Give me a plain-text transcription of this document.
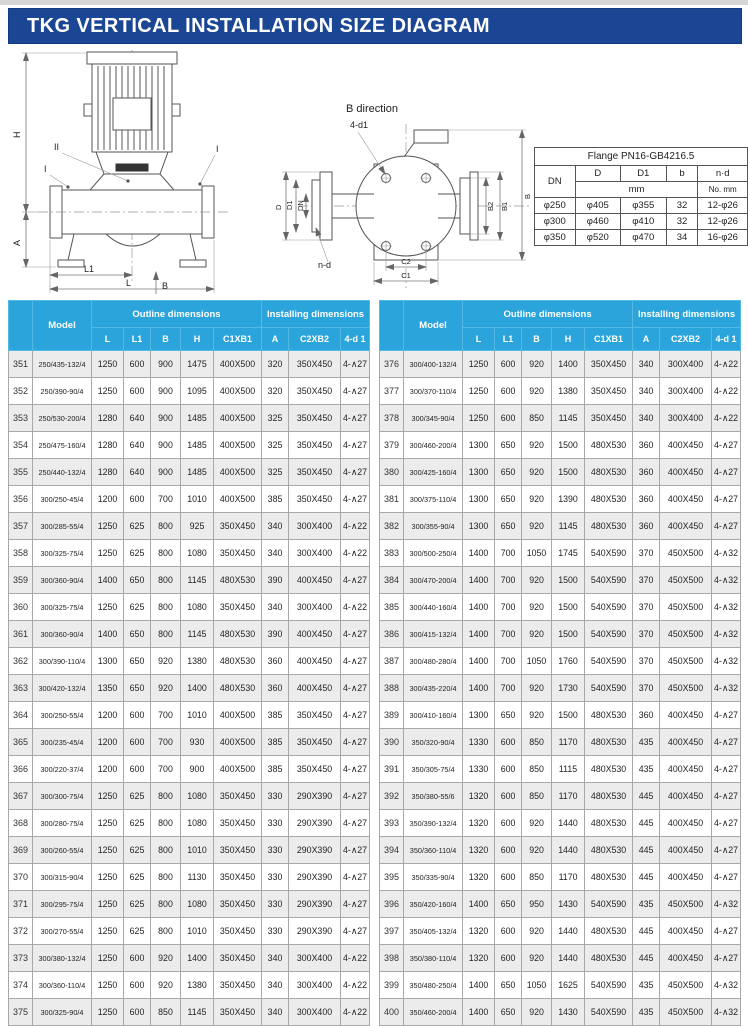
TKG VERTICAL INSTALLATION SIZE DIAGRAM
H
A
L1
L	B
II
I
I
B direction
D D1 DN
4-d1
n-d
B2 B1
B
C2
C1

II : Rp1/4"

Flange PN16-GB4216.5				
DN	D	D1	b	n·d
	mm			No. mm
φ250	φ405	φ355	32	12-φ26
φ300	φ460	φ410	32	12-φ26
φ350	φ520	φ470	34	16-φ26
	Model	Outline dimensions					Installing dimensions		
		L	L1	B	H	C1XB1	A	C2XB2	4-d 1
351	250/435-132/4	1250	600	900	1475	400X500	320	350X450	4-∧27
352	250/390-90/4	1250	600	900	1095	400X500	320	350X450	4-∧27
353	250/530-200/4	1280	640	900	1485	400X500	325	350X450	4-∧27
354	250/475-160/4	1280	640	900	1485	400X500	325	350X450	4-∧27
355	250/440-132/4	1280	640	900	1485	400X500	325	350X450	4-∧27
356	300/250-45/4	1200	600	700	1010	400X500	385	350X450	4-∧27
357	300/285-55/4	1250	625	800	925	350X450	340	300X400	4-∧22
358	300/325-75/4	1250	625	800	1080	350X450	340	300X400	4-∧22
359	300/360-90/4	1400	650	800	1145	480X530	390	400X450	4-∧27
360	300/325-75/4	1250	625	800	1080	350X450	340	300X400	4-∧22
361	300/360-90/4	1400	650	800	1145	480X530	390	400X450	4-∧27
362	300/390-110/4	1300	650	920	1380	480X530	360	400X450	4-∧27
363	300/420-132/4	1350	650	920	1400	480X530	360	400X450	4-∧27
364	300/250-55/4	1200	600	700	1010	400X500	385	350X450	4-∧27
365	300/235-45/4	1200	600	700	930	400X500	385	350X450	4-∧27
366	300/220-37/4	1200	600	700	900	400X500	385	350X450	4-∧27
367	300/300-75/4	1250	625	800	1080	350X450	330	290X390	4-∧27
368	300/280-75/4	1250	625	800	1080	350X450	330	290X390	4-∧27
369	300/260-55/4	1250	625	800	1010	350X450	330	290X390	4-∧27
370	300/315-90/4	1250	625	800	1130	350X450	330	290X390	4-∧27
371	300/295-75/4	1250	625	800	1080	350X450	330	290X390	4-∧27
372	300/270-55/4	1250	625	800	1010	350X450	330	290X390	4-∧27
373	300/380-132/4	1250	600	920	1400	350X450	340	300X400	4-∧22
374	300/360-110/4	1250	600	920	1380	350X450	340	300X400	4-∧22
375	300/325-90/4	1250	600	850	1145	350X450	340	300X400	4-∧22
	Model	Outline dimensions					Installing dimensions		
		L	L1	B	H	C1XB1	A	C2XB2	4-d 1
376	300/400-132/4	1250	600	920	1400	350X450	340	300X400	4-∧22
377	300/370-110/4	1250	600	920	1380	350X450	340	300X400	4-∧22
378	300/345-90/4	1250	600	850	1145	350X450	340	300X400	4-∧22
379	300/460-200/4	1300	650	920	1500	480X530	360	400X450	4-∧27
380	300/425-160/4	1300	650	920	1500	480X530	360	400X450	4-∧27
381	300/375-110/4	1300	650	920	1390	480X530	360	400X450	4-∧27
382	300/355-90/4	1300	650	920	1145	480X530	360	400X450	4-∧27
383	300/500-250/4	1400	700	1050	1745	540X590	370	450X500	4-∧32
384	300/470-200/4	1400	700	920	1500	540X590	370	450X500	4-∧32
385	300/440-160/4	1400	700	920	1500	540X590	370	450X500	4-∧32
386	300/415-132/4	1400	700	920	1500	540X590	370	450X500	4-∧32
387	300/480-280/4	1400	700	1050	1760	540X590	370	450X500	4-∧32
388	300/435-220/4	1400	700	920	1730	540X590	370	450X500	4-∧32
389	300/410-160/4	1300	650	920	1500	480X530	360	400X450	4-∧27
390	350/320-90/4	1330	600	850	1170	480X530	435	400X450	4-∧27
391	350/305-75/4	1330	600	850	1115	480X530	435	400X450	4-∧27
392	350/380-55/6	1320	600	850	1170	480X530	445	400X450	4-∧27
393	350/390-132/4	1320	600	920	1440	480X530	445	400X450	4-∧27
394	350/360-110/4	1320	600	920	1440	480X530	445	400X450	4-∧27
395	350/335-90/4	1320	600	850	1170	480X530	445	400X450	4-∧27
396	350/420-160/4	1400	650	950	1430	540X590	435	450X500	4-∧32
397	350/405-132/4	1320	600	920	1440	480X530	445	400X450	4-∧27
398	350/380-110/4	1320	600	920	1440	480X530	445	400X450	4-∧27
399	350/480-250/4	1400	650	1050	1625	540X590	435	450X500	4-∧32
400	350/460-200/4	1400	650	920	1430	540X590	435	450X500	4-∧32
